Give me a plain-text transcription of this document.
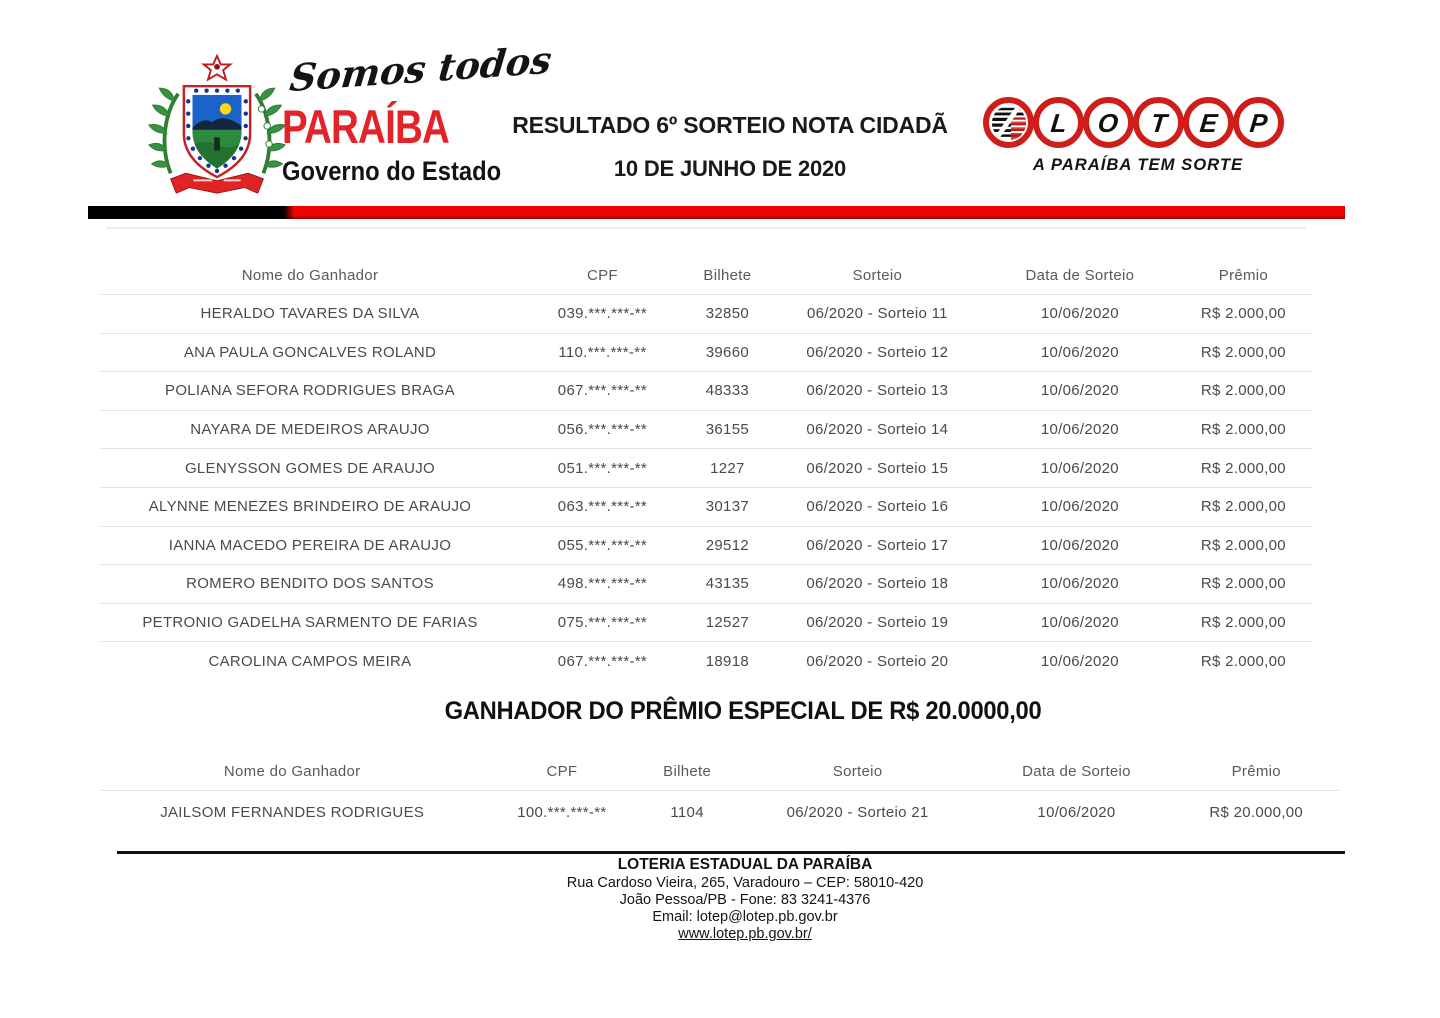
Somos todos
PARAÍBA
Governo do Estado
RESULTADO 6º SORTEIO NOTA CIDADÃ
10 DE JUNHO DE 2020
L O T E P
A PARAÍBA TEM SORTE
Nome do Ganhador	CPF	Bilhete	Sorteio	Data de Sorteio	Prêmio
HERALDO TAVARES DA SILVA	039.***.***-**	32850	06/2020 - Sorteio 11	10/06/2020	R$ 2.000,00
ANA PAULA GONCALVES ROLAND	110.***.***-**	39660	06/2020 - Sorteio 12	10/06/2020	R$ 2.000,00
POLIANA SEFORA RODRIGUES BRAGA	067.***.***-**	48333	06/2020 - Sorteio 13	10/06/2020	R$ 2.000,00
NAYARA DE MEDEIROS ARAUJO	056.***.***-**	36155	06/2020 - Sorteio 14	10/06/2020	R$ 2.000,00
GLENYSSON GOMES DE ARAUJO	051.***.***-**	1227	06/2020 - Sorteio 15	10/06/2020	R$ 2.000,00
ALYNNE MENEZES BRINDEIRO DE ARAUJO	063.***.***-**	30137	06/2020 - Sorteio 16	10/06/2020	R$ 2.000,00
IANNA MACEDO PEREIRA DE ARAUJO	055.***.***-**	29512	06/2020 - Sorteio 17	10/06/2020	R$ 2.000,00
ROMERO BENDITO DOS SANTOS	498.***.***-**	43135	06/2020 - Sorteio 18	10/06/2020	R$ 2.000,00
PETRONIO GADELHA SARMENTO DE FARIAS	075.***.***-**	12527	06/2020 - Sorteio 19	10/06/2020	R$ 2.000,00
CAROLINA CAMPOS MEIRA	067.***.***-**	18918	06/2020 - Sorteio 20	10/06/2020	R$ 2.000,00
GANHADOR DO PRÊMIO ESPECIAL DE R$ 20.0000,00
Nome do Ganhador	CPF	Bilhete	Sorteio	Data de Sorteio	Prêmio
JAILSOM FERNANDES RODRIGUES	100.***.***-**	1104	06/2020 - Sorteio 21	10/06/2020	R$ 20.000,00
LOTERIA ESTADUAL DA PARAÍBA
Rua Cardoso Vieira, 265, Varadouro – CEP: 58010-420
João Pessoa/PB - Fone: 83 3241-4376
Email: lotep@lotep.pb.gov.br
www.lotep.pb.gov.br/
